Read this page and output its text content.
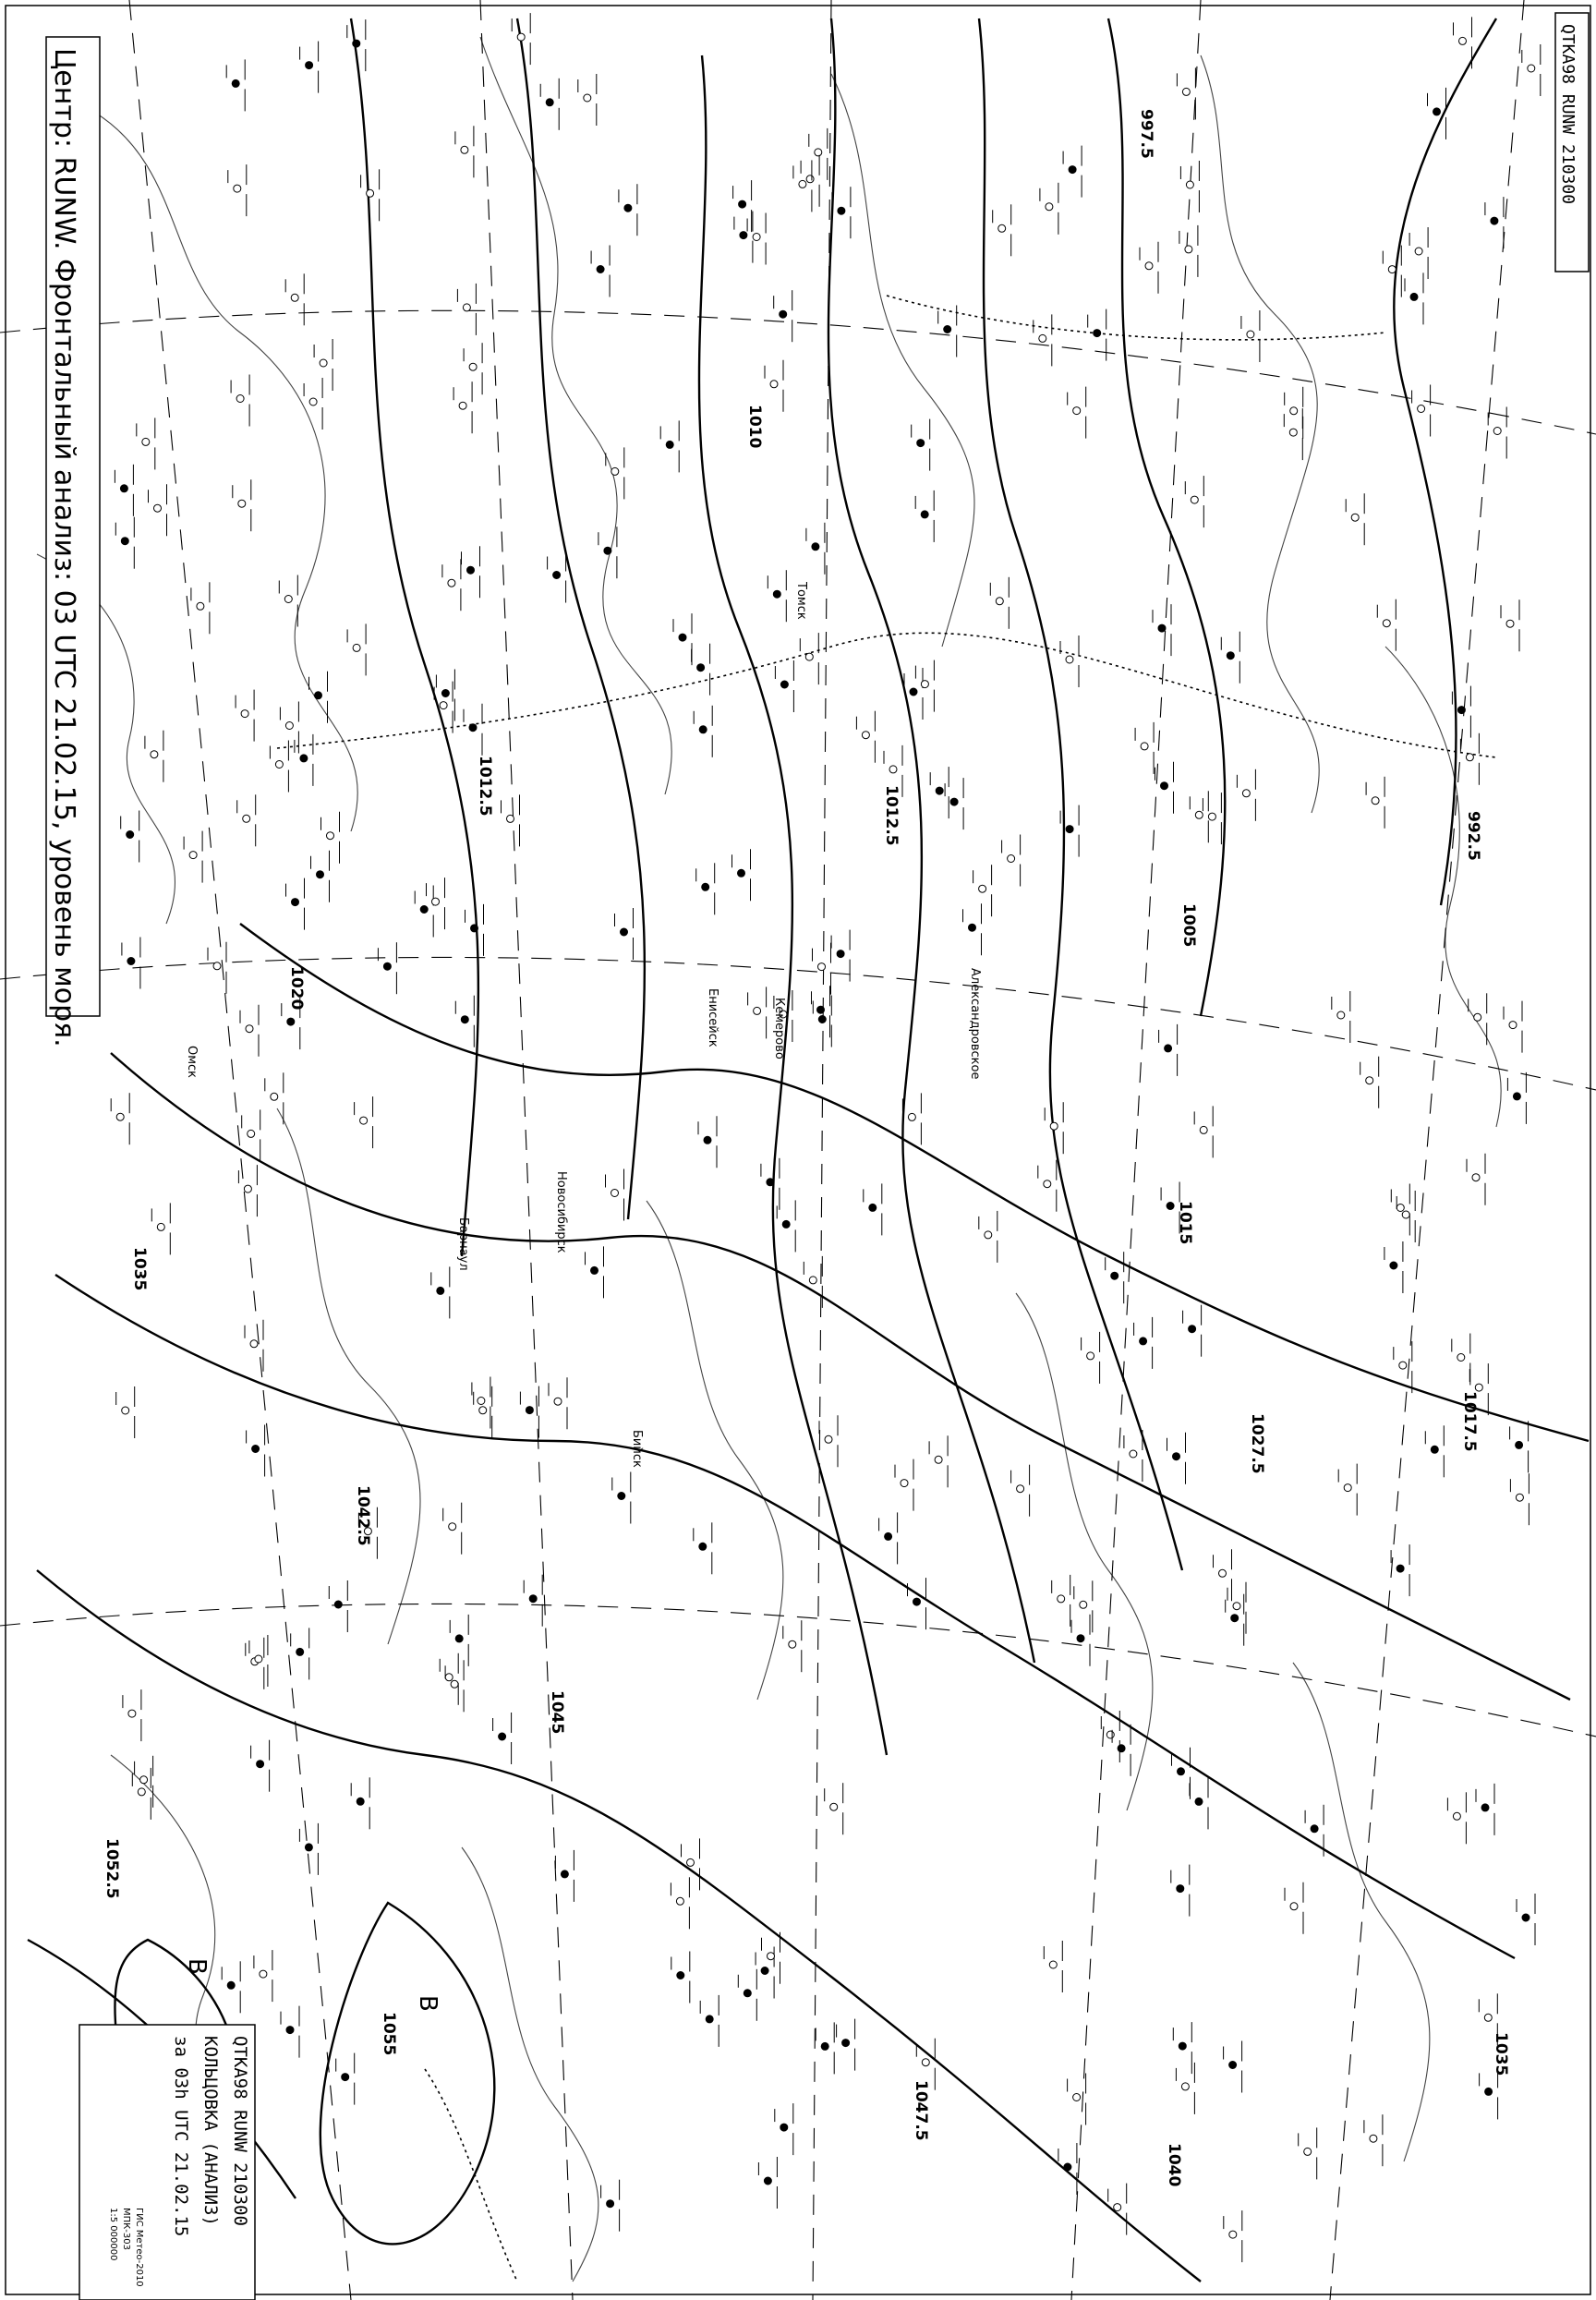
992.5
997.5
1005
1010
1012.5	1012.5
1015
1017.5
1020
1027.5
1035
1035
1040
1042.5
1045
1047.5
1052.5
1055
B
B
Александровское
Новосибирск
Барнаул
Омск
Енисейск
Бийск
Кемерово
Томск
QTKA98 RUNW 210300
Центр: RUNW. Фронтальный анализ: 03 UTC 21.02.15, уровень моря.
QTKA98 RUNW 210300
КОЛЬЦОВКА (АНАЛИЗ)
за 03h UTC 21.02.15
ГИС Метео-2010
МПК-303
1:5 000000
